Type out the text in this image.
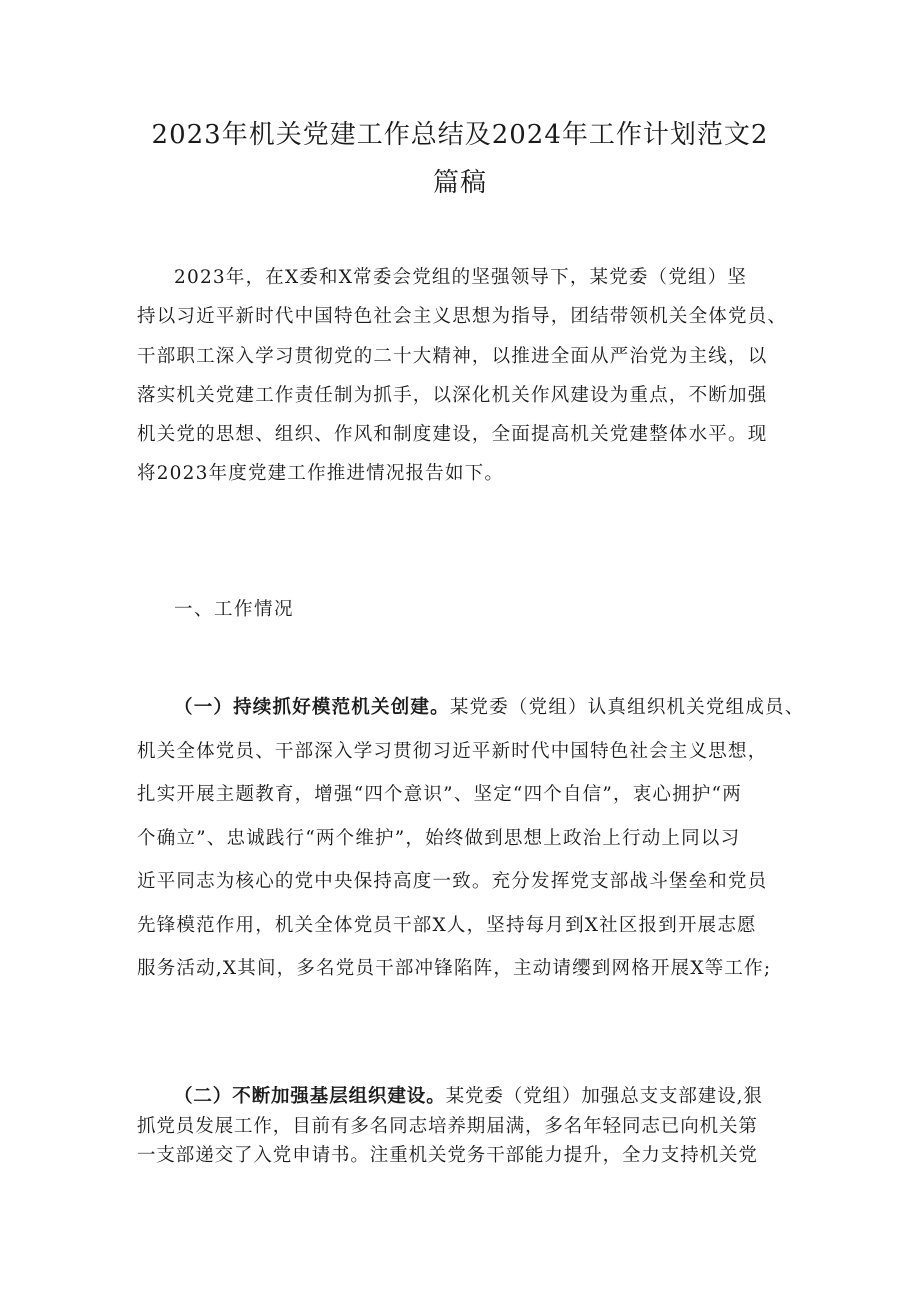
2023年机关党建工作总结及2024年工作计划范文2
篇稿
2023年，在X委和X常委会党组的坚强领导下，某党委（党组）坚
持以习近平新时代中国特色社会主义思想为指导，团结带领机关全体党员、
干部职工深入学习贯彻党的二十大精神，以推进全面从严治党为主线，以
落实机关党建工作责任制为抓手，以深化机关作风建设为重点，不断加强
机关党的思想、组织、作风和制度建设，全面提高机关党建整体水平。现
将2023年度党建工作推进情况报告如下。
一、工作情况
（一）持续抓好模范机关创建。某党委（党组）认真组织机关党组成员、
机关全体党员、干部深入学习贯彻习近平新时代中国特色社会主义思想，
扎实开展主题教育，增强“四个意识”、坚定“四个自信”，衷心拥护“两
个确立”、忠诚践行“两个维护”，始终做到思想上政治上行动上同以习
近平同志为核心的党中央保持高度一致。充分发挥党支部战斗堡垒和党员
先锋模范作用，机关全体党员干部X人，坚持每月到X社区报到开展志愿
服务活动,X其间，多名党员干部冲锋陷阵，主动请缨到网格开展X等工作;
（二）不断加强基层组织建设。某党委（党组）加强总支支部建设,狠
抓党员发展工作，目前有多名同志培养期届满，多名年轻同志已向机关第
一支部递交了入党申请书。注重机关党务干部能力提升，全力支持机关党
